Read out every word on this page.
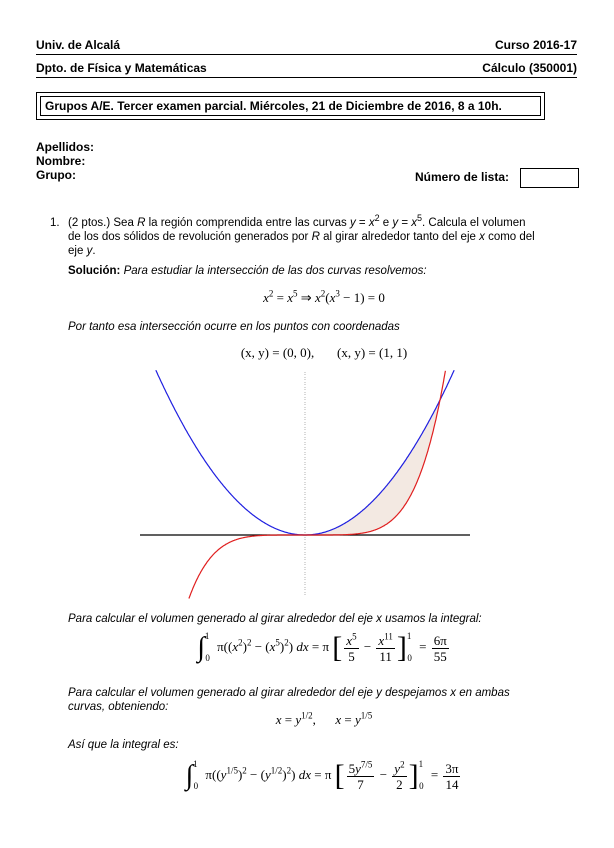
Univ. de Alcalá	Curso 2016-17
Dpto. de Física y Matemáticas	Cálculo (350001)
Grupos A/E. Tercer examen parcial. Miércoles, 21 de Diciembre de 2016, 8 a 10h.
Apellidos:
Nombre:
Grupo:	Número de lista:
1. (2 ptos.) Sea R la región comprendida entre las curvas $y = x^2$ e $y = x^5$. Calcula el volumen
de los dos sólidos de revolución generados por R al girar alrededor tanto del eje x como del
eje y.
Solución: Para estudiar la intersección de las dos curvas resolvemos:
$x^2 = x^5$ ⇒ $x^2(x^3 - 1) = 0$
Por tanto esa intersección ocurre en los puntos con coordenadas
(x, y) = (0, 0), (x, y) = (1, 1)
Para calcular el volumen generado al girar alrededor del eje x usamos la integral:
∫$^1_0$ $\pi((x^2)^2 - (x^5)^2)$ dx = π [ $\frac{x^5}{5} - \frac{x^{11}}{11} ]^1_0 = \frac{6\pi}{55}$
Para calcular el volumen generado al girar alrededor del eje y despejamos x en ambas
curvas, obteniendo:
$x = y^{1/2}$,      $x = y^{1/5}$
Así que la integral es:
∫$^1_0$ $\pi((y^{1/5})^2 - (y^{1/2})^2)$ dx = π [ $\frac{5y^{7/5}}{7} - \frac{y^2}{2} ]^1_0 = \frac{3\pi}{14}$
